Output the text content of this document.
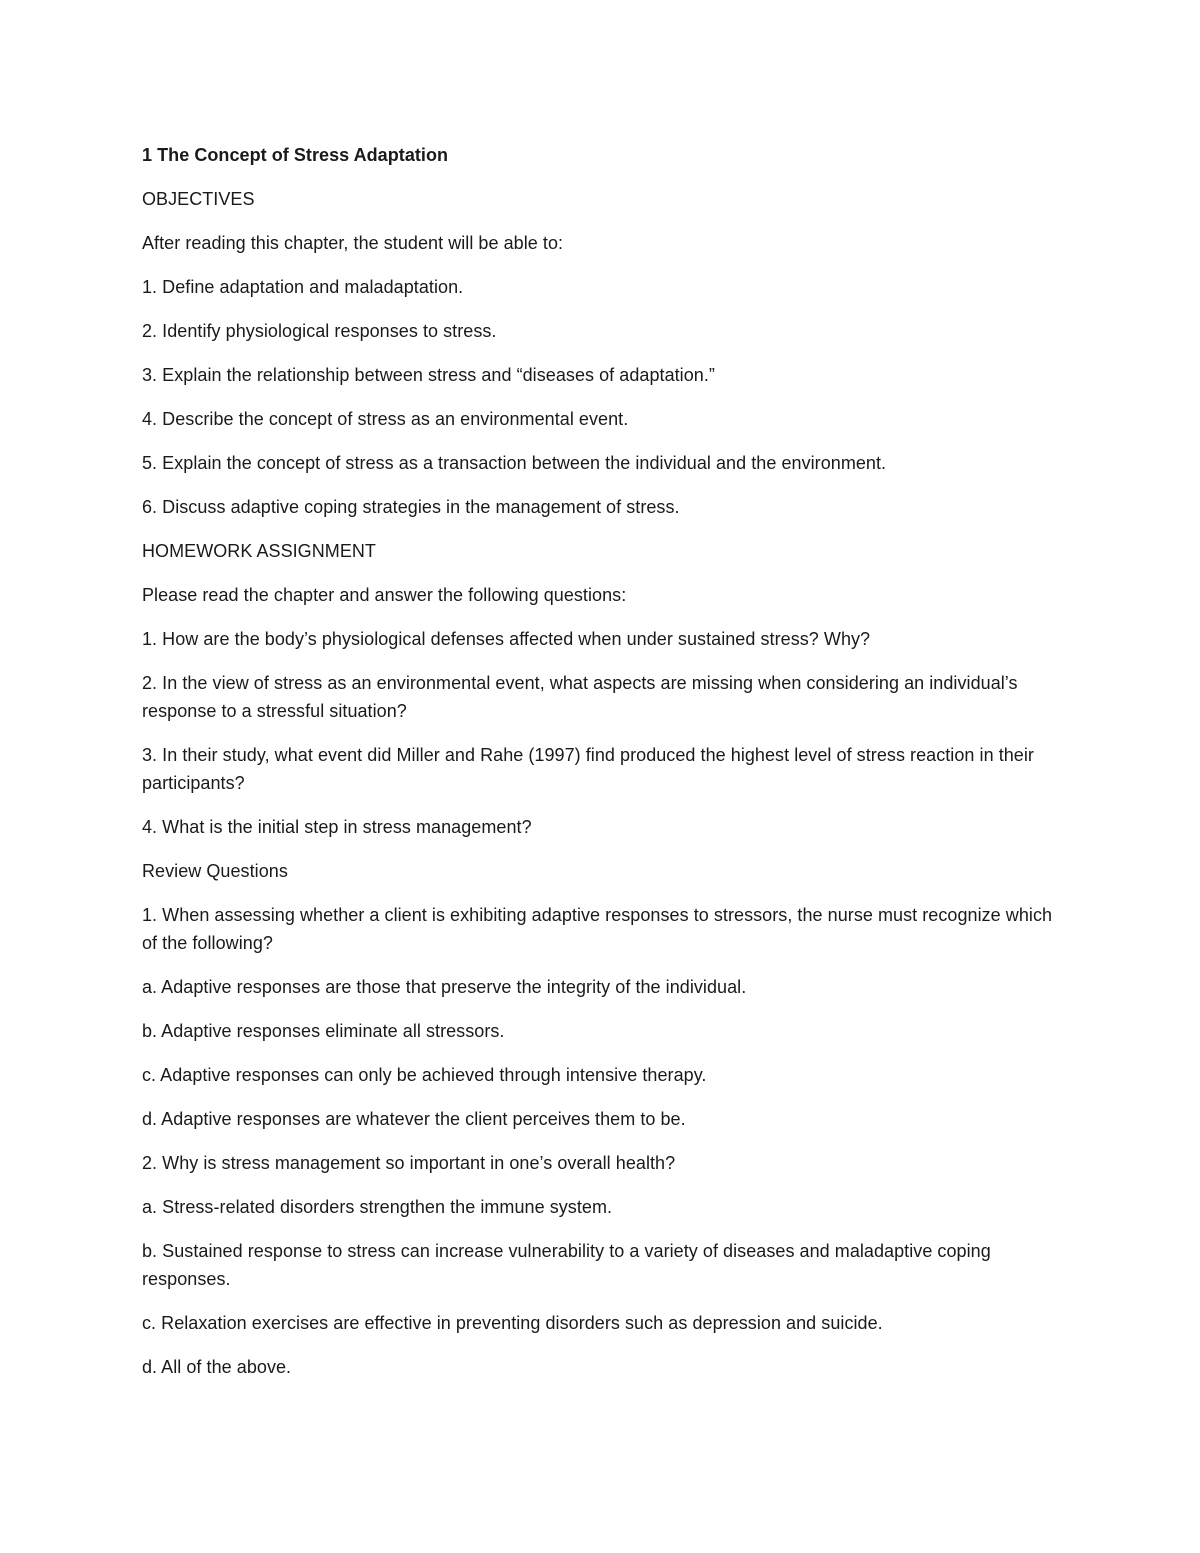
1 The Concept of Stress Adaptation

OBJECTIVES

After reading this chapter, the student will be able to:

1. Define adaptation and maladaptation.

2. Identify physiological responses to stress.

3. Explain the relationship between stress and “diseases of adaptation.”

4. Describe the concept of stress as an environmental event.

5. Explain the concept of stress as a transaction between the individual and the environment.

6. Discuss adaptive coping strategies in the management of stress.

HOMEWORK ASSIGNMENT

Please read the chapter and answer the following questions:

1. How are the body’s physiological defenses affected when under sustained stress? Why?

2. In the view of stress as an environmental event, what aspects are missing when considering an individual’s response to a stressful situation?

3. In their study, what event did Miller and Rahe (1997) find produced the highest level of stress reaction in their participants?

4. What is the initial step in stress management?

Review Questions

1. When assessing whether a client is exhibiting adaptive responses to stressors, the nurse must recognize which of the following?

a. Adaptive responses are those that preserve the integrity of the individual.

b. Adaptive responses eliminate all stressors.

c. Adaptive responses can only be achieved through intensive therapy.

d. Adaptive responses are whatever the client perceives them to be.

2. Why is stress management so important in one’s overall health?

a. Stress-related disorders strengthen the immune system.

b. Sustained response to stress can increase vulnerability to a variety of diseases and maladaptive coping responses.

c. Relaxation exercises are effective in preventing disorders such as depression and suicide.

d. All of the above.
